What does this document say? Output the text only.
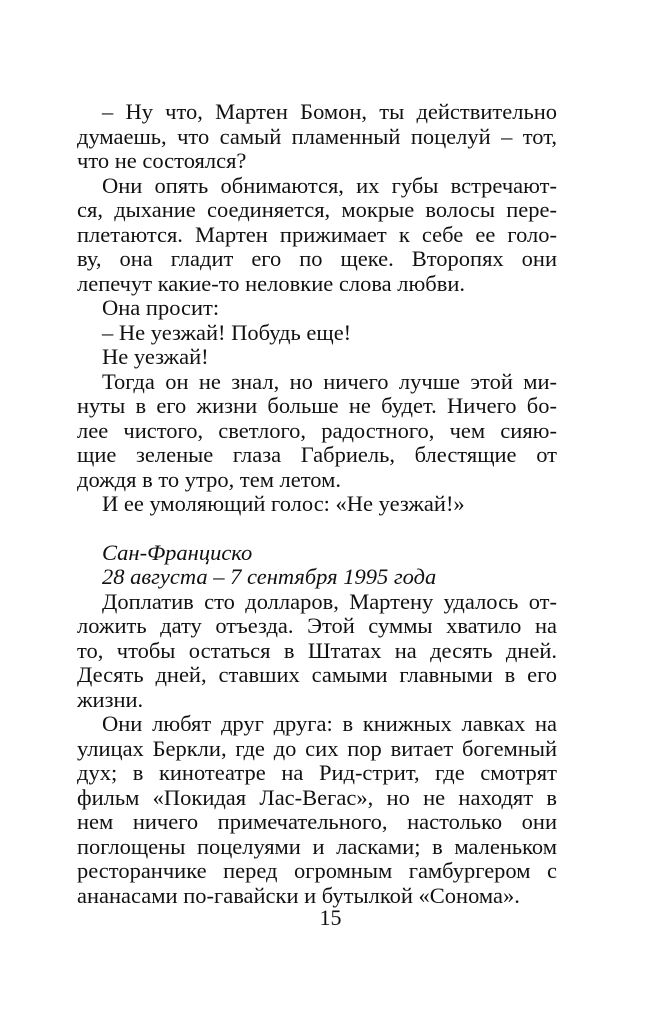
– Ну что, Мартен Бомон, ты действительно
думаешь, что самый пламенный поцелуй – тот,
что не состоялся?
Они опять обнимаются, их губы встречают-
ся, дыхание соединяется, мокрые волосы пере-
плетаются. Мартен прижимает к себе ее голо-
ву, она гладит его по щеке. Второпях они
лепечут какие-то неловкие слова любви.
Она просит:
– Не уезжай! Побудь еще!
Не уезжай!
Тогда он не знал, но ничего лучше этой ми-
нуты в его жизни больше не будет. Ничего бо-
лее чистого, светлого, радостного, чем сияю-
щие зеленые глаза Габриель, блестящие от
дождя в то утро, тем летом.
И ее умоляющий голос: «Не уезжай!»
Сан-Франциско
28 августа – 7 сентября 1995 года
Доплатив сто долларов, Мартену удалось от-
ложить дату отъезда. Этой суммы хватило на
то, чтобы остаться в Штатах на десять дней.
Десять дней, ставших самыми главными в его
жизни.
Они любят друг друга: в книжных лавках на
улицах Беркли, где до сих пор витает богемный
дух; в кинотеатре на Рид-стрит, где смотрят
фильм «Покидая Лас-Вегас», но не находят в
нем ничего примечательного, настолько они
поглощены поцелуями и ласками; в маленьком
ресторанчике перед огромным гамбургером с
ананасами по-гавайски и бутылкой «Сонома».
15
